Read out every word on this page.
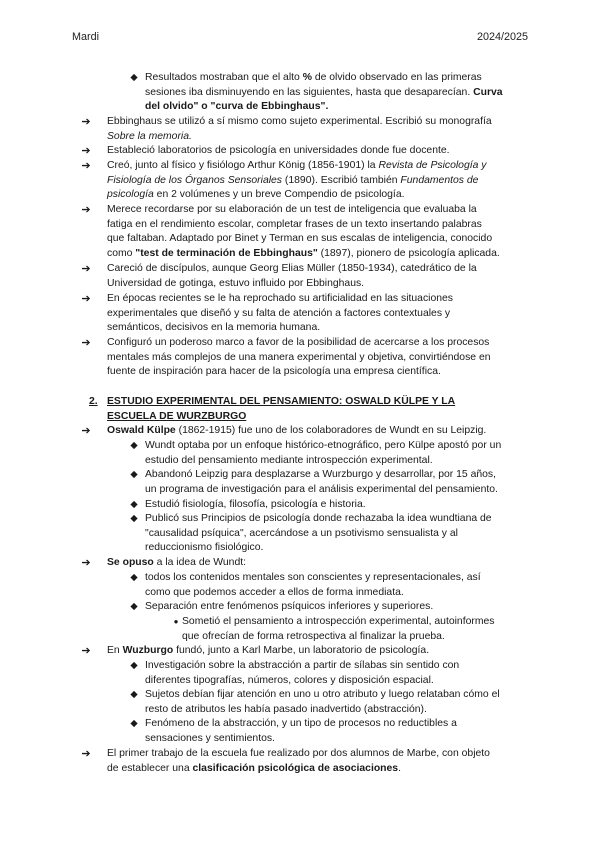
Mardi	2024/2025
◆ Resultados mostraban que el alto % de olvido observado en las primeras
sesiones iba disminuyendo en las siguientes, hasta que desaparecían. Curva
del olvido" o "curva de Ebbinghaus".
➔ Ebbinghaus se utilizó a sí mismo como sujeto experimental. Escribió su monografía
Sobre la memoria.
➔ Estableció laboratorios de psicología en universidades donde fue docente.
➔ Creó, junto al físico y fisiólogo Arthur König (1856-1901) la Revista de Psicología y
Fisiología de los Órganos Sensoriales (1890). Escribió también Fundamentos de
psicología en 2 volúmenes y un breve Compendio de psicología.
➔ Merece recordarse por su elaboración de un test de inteligencia que evaluaba la
fatiga en el rendimiento escolar, completar frases de un texto insertando palabras
que faltaban. Adaptado por Binet y Terman en sus escalas de inteligencia, conocido
como "test de terminación de Ebbinghaus" (1897), pionero de psicología aplicada.
➔ Careció de discípulos, aunque Georg Elias Müller (1850-1934), catedrático de la
Universidad de gotinga, estuvo influido por Ebbinghaus.
➔ En épocas recientes se le ha reprochado su artificialidad en las situaciones
experimentales que diseñó y su falta de atención a factores contextuales y
semánticos, decisivos en la memoria humana.
➔ Configuró un poderoso marco a favor de la posibilidad de acercarse a los procesos
mentales más complejos de una manera experimental y objetiva, convirtiéndose en
fuente de inspiración para hacer de la psicología una empresa científica.
2. ESTUDIO EXPERIMENTAL DEL PENSAMIENTO: OSWALD KÜLPE Y LA
ESCUELA DE WURZBURGO
➔ Oswald Külpe (1862-1915) fue uno de los colaboradores de Wundt en su Leipzig.
◆ Wundt optaba por un enfoque histórico-etnográfico, pero Külpe apostó por un
estudio del pensamiento mediante introspección experimental.
◆ Abandonó Leipzig para desplazarse a Wurzburgo y desarrollar, por 15 años,
un programa de investigación para el análisis experimental del pensamiento.
◆ Estudió fisiología, filosofía, psicología e historia.
◆ Publicó sus Principios de psicología donde rechazaba la idea wundtiana de
"causalidad psíquica", acercándose a un psotivismo sensualista y al
reduccionismo fisiológico.
➔ Se opuso a la idea de Wundt:
◆ todos los contenidos mentales son conscientes y representacionales, así
como que podemos acceder a ellos de forma inmediata.
◆ Separación entre fenómenos psíquicos inferiores y superiores.
● Sometió el pensamiento a introspección experimental, autoinformes
que ofrecían de forma retrospectiva al finalizar la prueba.
➔ En Wuzburgo fundó, junto a Karl Marbe, un laboratorio de psicología.
◆ Investigación sobre la abstracción a partir de sílabas sin sentido con
diferentes tipografías, números, colores y disposición espacial.
◆ Sujetos debían fijar atención en uno u otro atributo y luego relataban cómo el
resto de atributos les había pasado inadvertido (abstracción).
◆ Fenómeno de la abstracción, y un tipo de procesos no reductibles a
sensaciones y sentimientos.
➔ El primer trabajo de la escuela fue realizado por dos alumnos de Marbe, con objeto
de establecer una clasificación psicológica de asociaciones.
